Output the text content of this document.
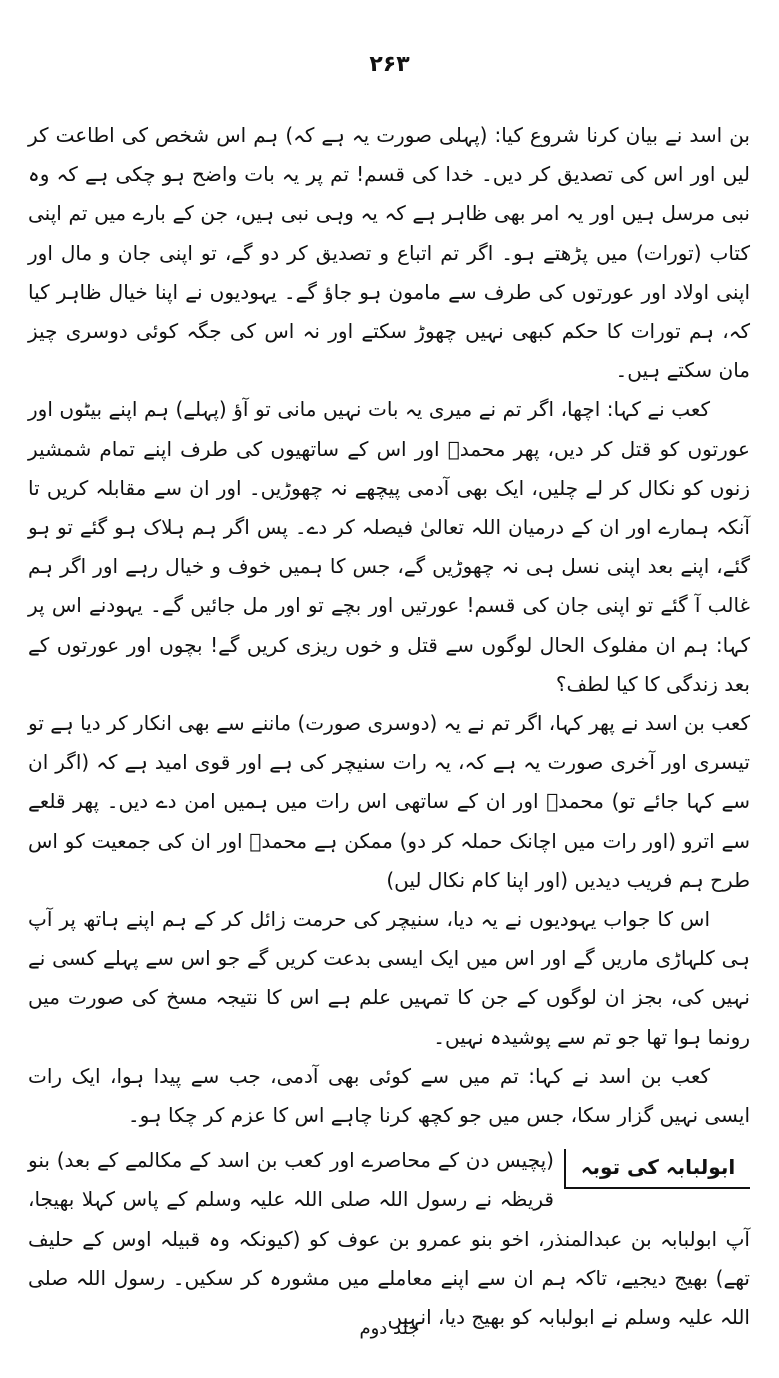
۲۶۳

بن اسد نے بیان کرنا شروع کیا: (پہلی صورت یہ ہے کہ) ہم اس شخص کی اطاعت کر لیں اور اس کی تصدیق کر دیں۔ خدا کی قسم! تم پر یہ بات واضح ہو چکی ہے کہ وہ نبی مرسل ہیں اور یہ امر بھی ظاہر ہے کہ یہ وہی نبی ہیں، جن کے بارے میں تم اپنی کتاب (تورات) میں پڑھتے ہو۔ اگر تم اتباع و تصدیق کر دو گے، تو اپنی جان و مال اور اپنی اولاد اور عورتوں کی طرف سے مامون ہو جاؤ گے۔ یہودیوں نے اپنا خیال ظاہر کیا کہ، ہم تورات کا حکم کبھی نہیں چھوڑ سکتے اور نہ اس کی جگہ کوئی دوسری چیز مان سکتے ہیں۔

کعب نے کہا: اچھا، اگر تم نے میری یہ بات نہیں مانی تو آؤ (پہلے) ہم اپنے بیٹوں اور عورتوں کو قتل کر دیں، پھر محمدؐ اور اس کے ساتھیوں کی طرف اپنے تمام شمشیر زنوں کو نکال کر لے چلیں، ایک بھی آدمی پیچھے نہ چھوڑیں۔ اور ان سے مقابلہ کریں تا آنکہ ہمارے اور ان کے درمیان اللہ تعالیٰ فیصلہ کر دے۔ پس اگر ہم ہلاک ہو گئے تو ہو گئے، اپنے بعد اپنی نسل ہی نہ چھوڑیں گے، جس کا ہمیں خوف و خیال رہے اور اگر ہم غالب آ گئے تو اپنی جان کی قسم! عورتیں اور بچے تو اور مل جائیں گے۔ یہودنے اس پر کہا: ہم ان مفلوک الحال لوگوں سے قتل و خوں ریزی کریں گے! بچوں اور عورتوں کے بعد زندگی کا کیا لطف؟

کعب بن اسد نے پھر کہا، اگر تم نے یہ (دوسری صورت) ماننے سے بھی انکار کر دیا ہے تو تیسری اور آخری صورت یہ ہے کہ، یہ رات سنیچر کی ہے اور قوی امید ہے کہ (اگر ان سے کہا جائے تو) محمدؐ اور ان کے ساتھی اس رات میں ہمیں امن دے دیں۔ پھر قلعے سے اترو (اور رات میں اچانک حملہ کر دو) ممکن ہے محمدؐ اور ان کی جمعیت کو اس طرح ہم فریب دیدیں (اور اپنا کام نکال لیں)

اس کا جواب یہودیوں نے یہ دیا، سنیچر کی حرمت زائل کر کے ہم اپنے ہاتھ پر آپ ہی کلہاڑی ماریں گے اور اس میں ایک ایسی بدعت کریں گے جو اس سے پہلے کسی نے نہیں کی، بجز ان لوگوں کے جن کا تمہیں علم ہے اس کا نتیجہ مسخ کی صورت میں رونما ہوا تھا جو تم سے پوشیدہ نہیں۔

کعب بن اسد نے کہا: تم میں سے کوئی بھی آدمی، جب سے پیدا ہوا، ایک رات ایسی نہیں گزار سکا، جس میں جو کچھ کرنا چاہے اس کا عزم کر چکا ہو۔

ابولبابہ کی توبہ

(پچیس دن کے محاصرے اور کعب بن اسد کے مکالمے کے بعد) بنو قریظہ نے رسول اللہ صلی اللہ علیہ وسلم کے پاس کہلا بھیجا، آپ ابولبابہ بن عبدالمنذر، اخو بنو عمرو بن عوف کو (کیونکہ وہ قبیلہ اوس کے حلیف تھے) بھیج دیجیے، تاکہ ہم ان سے اپنے معاملے میں مشورہ کر سکیں۔ رسول اللہ صلی اللہ علیہ وسلم نے ابولبابہ کو بھیج دیا، انہیں

جلد دوم
